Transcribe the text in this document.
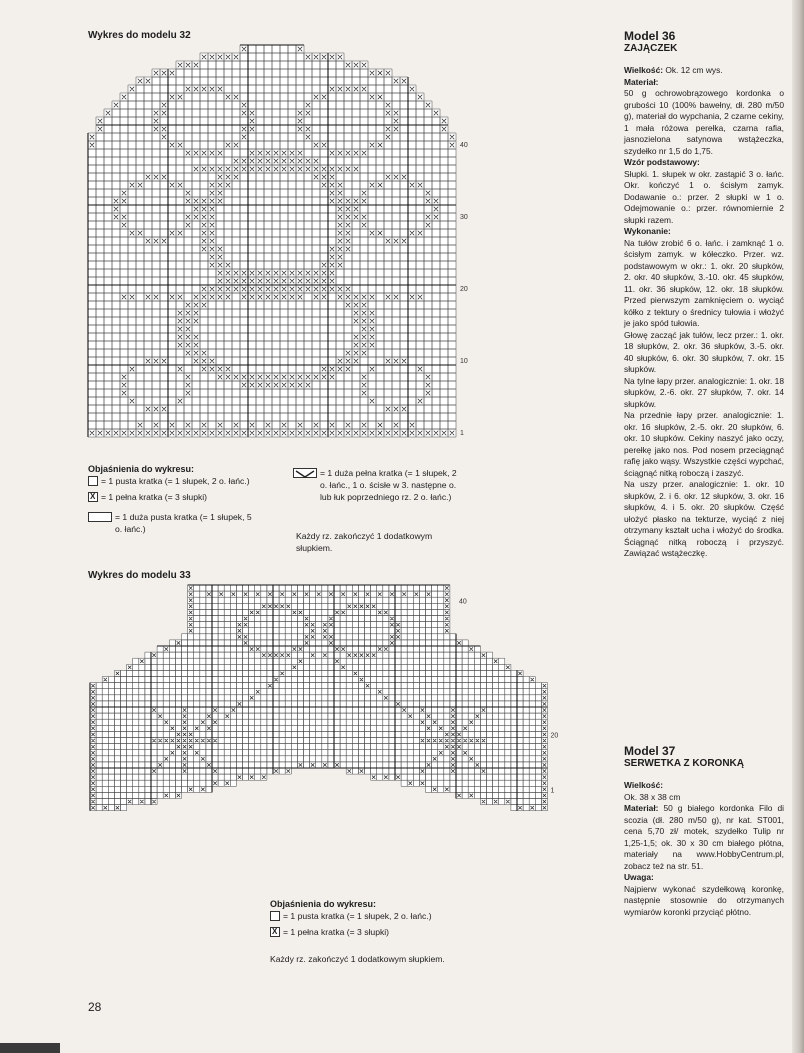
Wykres do modelu 32
40
30
20
10
1
Objaśnienia do wykresu:
= 1 pusta kratka (= 1 słupek, 2 o. łańc.)
X
= 1 pełna kratka (= 3 słupki)
= 1 duża pusta kratka (= 1 słupek, 5 o. łańc.)
= 1 duża pełna kratka (= 1 słupek, 2 o. łańc., 1 o. ścisłe w 3. następne o. lub łuk poprzedniego rz. 2 o. łańc.)
Każdy rz. zakończyć 1 dodatkowym słupkiem.
Wykres do modelu 33
40
20
1
Objaśnienia do wykresu:
= 1 pusta kratka (= 1 słupek, 2 o. łańc.)
X
= 1 pełna kratka (= 3 słupki)
Każdy rz. zakończyć 1 dodatkowym słupkiem.
Model 36
ZAJĄCZEK

Wielkość: Ok. 12 cm wys.

Materiał:

50 g ochrowobrązowego kordonka o grubości 10 (100% bawełny, dł. 280 m/50 g), materiał do wypchania, 2 czarne cekiny, 1 mała różowa perełka, czarna rafia, jasnozielona satynowa wstążeczka, szydełko nr 1,5 do 1,75.

Wzór podstawowy:

Słupki. 1. słupek w okr. zastąpić 3 o. łańc. Okr. kończyć 1 o. ścisłym zamyk. Dodawanie o.: przer. 2 słupki w 1 o. Odejmowanie o.: przer. równomiernie 2 słupki razem.

Wykonanie:

Na tułów zrobić 6 o. łańc. i zamknąć 1 o. ścisłym zamyk. w kółeczko. Przer. wz. podstawowym w okr.: 1. okr. 20 słupków, 2. okr. 40 słupków, 3.-10. okr. 45 słupków, 11. okr. 36 słupków, 12. okr. 18 słupków. Przed pierwszym zamknięciem o. wyciąć kółko z tektury o średnicy tułowia i włożyć je jako spód tułowia.

Głowę zacząć jak tułów, lecz przer.: 1. okr. 18 słupków, 2. okr. 36 słupków, 3.-5. okr. 40 słupków, 6. okr. 30 słupków, 7. okr. 15 słupków.

Na tylne łapy przer. analogicznie: 1. okr. 18 słupków, 2.-6. okr. 27 słupków, 7. okr. 14 słupków.

Na przednie łapy przer. analogicznie: 1. okr. 16 słupków, 2.-5. okr. 20 słupków, 6. okr. 10 słupków. Cekiny naszyć jako oczy, perełkę jako nos. Pod nosem przeciągnąć rafię jako wąsy. Wszystkie części wypchać, ściągnąć nitką roboczą i zaszyć.

Na uszy przer. analogicznie: 1. okr. 10 słupków, 2. i 6. okr. 12 słupków, 3. okr. 16 słupków, 4. i 5. okr. 20 słupków. Część ułożyć płasko na tekturze, wyciąć z niej otrzymany kształt ucha i włożyć do środka. Ściągnąć nitką roboczą i przyszyć. Zawiązać wstążeczkę.

Model 37
SERWETKA Z KORONKĄ

Wielkość:

Ok. 38 x 38 cm

Materiał: 50 g białego kordonka Filo di scozia (dł. 280 m/50 g), nr kat. ST001, cena 5,70 zł/ motek, szydełko Tulip nr 1,25-1,5; ok. 30 x 30 cm białego płótna, materiały na www.HobbyCentrum.pl, zobacz też na str. 51.

Uwaga:

Najpierw wykonać szydełkową koronkę, następnie stosownie do otrzymanych wymiarów koronki przyciąć płótno.

28
